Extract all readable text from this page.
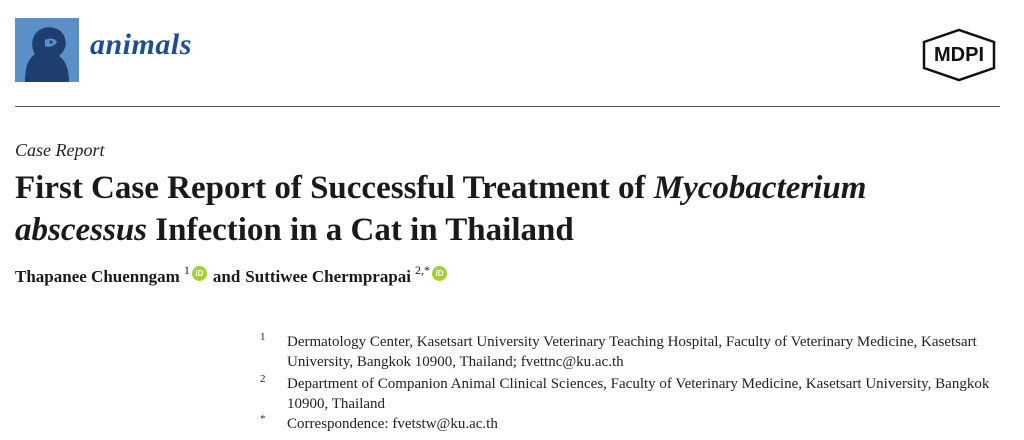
animals	MDPI
Case Report
First Case Report of Successful Treatment of Mycobacterium
abscessus Infection in a Cat in Thailand
Thapanee Chuenngam $^1$ iD and Suttiwee Chermprapai $^{2,*}$ iD
1 Dermatology Center, Kasetsart University Veterinary Teaching Hospital, Faculty of Veterinary Medicine, Kasetsart University, Bangkok 10900, Thailand; fvettnc@ku.ac.th
2 Department of Companion Animal Clinical Sciences, Faculty of Veterinary Medicine, Kasetsart University, Bangkok 10900, Thailand
* Correspondence: fvetstw@ku.ac.th
